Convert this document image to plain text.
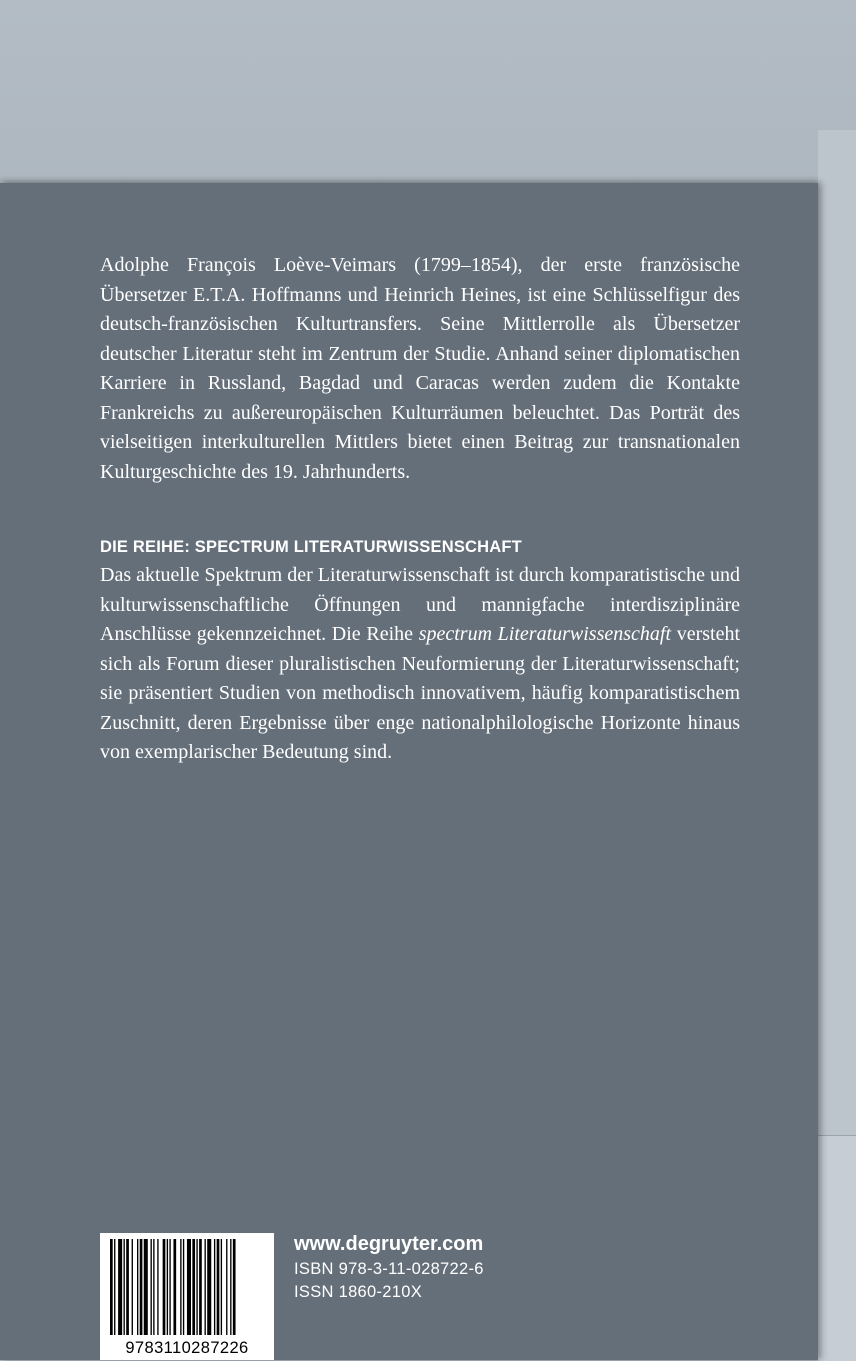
Adolphe François Loève-Veimars (1799–1854), der erste französische Übersetzer E.T.A. Hoffmanns und Heinrich Heines, ist eine Schlüsselfigur des deutsch-französischen Kulturtransfers. Seine Mittlerrolle als Übersetzer deutscher Literatur steht im Zentrum der Studie. Anhand seiner diplomatischen Karriere in Russland, Bagdad und Caracas werden zudem die Kontakte Frankreichs zu außereuropäischen Kulturräumen beleuchtet. Das Porträt des vielseitigen interkulturellen Mittlers bietet einen Beitrag zur transnationalen Kulturgeschichte des 19. Jahrhunderts.

DIE REIHE: SPECTRUM LITERATURWISSENSCHAFT

Das aktuelle Spektrum der Literaturwissenschaft ist durch komparatistische und kulturwissenschaftliche Öffnungen und mannigfache interdisziplinäre Anschlüsse gekennzeichnet. Die Reihe spectrum Literaturwissenschaft versteht sich als Forum dieser pluralistischen Neuformierung der Literaturwissenschaft; sie präsentiert Studien von methodisch innovativem, häufig komparatistischem Zuschnitt, deren Ergebnisse über enge nationalphilologische Horizonte hinaus von exemplarischer Bedeutung sind.

9783110287226
www.degruyter.com
ISBN 978-3-11-028722-6
ISSN 1860-210X
